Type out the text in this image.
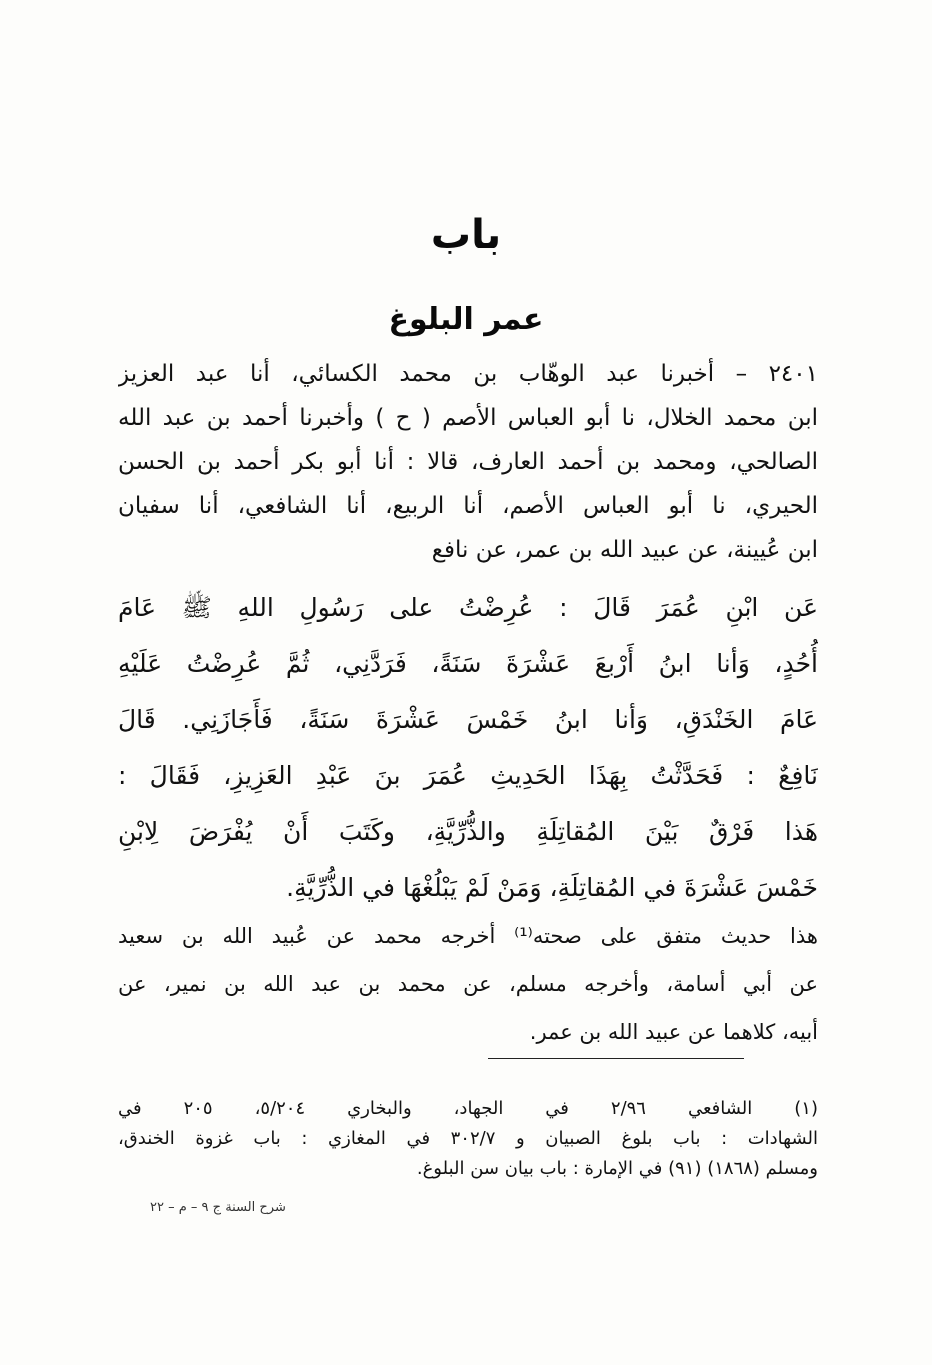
باب
عمر البلوغ
٢٤٠١ – أخبرنا عبد الوهّاب بن محمد الكسائي، أنا عبد العزيز
ابن محمد الخلال، نا أبو العباس الأصم ( ح ) وأخبرنا أحمد بن عبد الله
الصالحي، ومحمد بن أحمد العارف، قالا : أنا أبو بكر أحمد بن الحسن
الحيري، نا أبو العباس الأصم، أنا الربيع، أنا الشافعي، أنا سفيان
ابن عُيينة، عن عبيد الله بن عمر، عن نافع
عَن ابْنِ عُمَرَ قَالَ : عُرِضْتُ على رَسُولِ اللهِ ﷺ عَامَ
أُحُدٍ، وَأنا ابنُ أَرْبعَ عَشْرَةَ سَنَةً، فَرَدَّنِي، ثُمَّ عُرِضْتُ عَلَيْهِ
عَامَ الخَنْدَقِ، وَأنا ابنُ خَمْسَ عَشْرَةَ سَنَةً، فَأَجَازَنِي. قَالَ
نَافِعٌ : فَحَدَّثْتُ بِهَذَا الحَدِيثِ عُمَرَ بنَ عَبْدِ العَزِيزِ، فَقَالَ :
هَذا فَرْقٌ بَيْنَ المُقاتِلَةِ والذُّرِّيَّةِ، وكَتَبَ أَنْ يُفْرَضَ لِابْنِ
خَمْسَ عَشْرَةَ في المُقاتِلَةِ، وَمَنْ لَمْ يَبْلُغْهَا في الذُّرِّيَّةِ.
هذا حديث متفق على صحته⁽¹⁾ أخرجه محمد عن عُبيد الله بن سعيد
عن أبي أسامة، وأخرجه مسلم، عن محمد بن عبد الله بن نمير، عن
أبيه، كلاهما عن عبيد الله بن عمر.
(١) الشافعي ٢/٩٦ في الجهاد، والبخاري ٥/٢٠٤، ٢٠٥ في
الشهادات : باب بلوغ الصبيان و ٣٠٢/٧ في المغازي : باب غزوة الخندق،
ومسلم (١٨٦٨) (٩١) في الإمارة : باب بيان سن البلوغ.
شرح السنة ج ٩ – م – ٢٢
